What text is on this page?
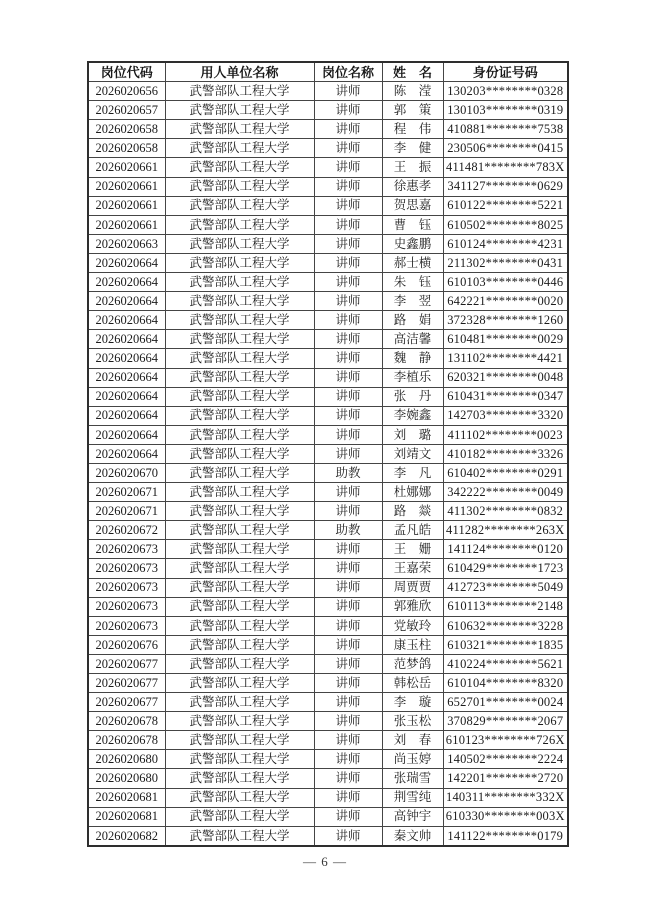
岗位代码	用人单位名称	岗位名称	姓　名	身份证号码
2026020656	武警部队工程大学	讲师	陈　滢	130203********0328
2026020657	武警部队工程大学	讲师	郭　策	130103********0319
2026020658	武警部队工程大学	讲师	程　伟	410881********7538
2026020658	武警部队工程大学	讲师	李　健	230506********0415
2026020661	武警部队工程大学	讲师	王　振	411481********783X
2026020661	武警部队工程大学	讲师	徐惠孝	341127********0629
2026020661	武警部队工程大学	讲师	贺思嘉	610122********5221
2026020661	武警部队工程大学	讲师	曹　钰	610502********8025
2026020663	武警部队工程大学	讲师	史鑫鹏	610124********4231
2026020664	武警部队工程大学	讲师	郝士横	211302********0431
2026020664	武警部队工程大学	讲师	朱　钰	610103********0446
2026020664	武警部队工程大学	讲师	李　翌	642221********0020
2026020664	武警部队工程大学	讲师	路　娟	372328********1260
2026020664	武警部队工程大学	讲师	高洁馨	610481********0029
2026020664	武警部队工程大学	讲师	魏　静	131102********4421
2026020664	武警部队工程大学	讲师	李植乐	620321********0048
2026020664	武警部队工程大学	讲师	张　丹	610431********0347
2026020664	武警部队工程大学	讲师	李婉鑫	142703********3320
2026020664	武警部队工程大学	讲师	刘　璐	411102********0023
2026020664	武警部队工程大学	讲师	刘靖文	410182********3326
2026020670	武警部队工程大学	助教	李　凡	610402********0291
2026020671	武警部队工程大学	讲师	杜娜娜	342222********0049
2026020671	武警部队工程大学	讲师	路　燚	411302********0832
2026020672	武警部队工程大学	助教	孟凡皓	411282********263X
2026020673	武警部队工程大学	讲师	王　姗	141124********0120
2026020673	武警部队工程大学	讲师	王嘉荣	610429********1723
2026020673	武警部队工程大学	讲师	周贾贾	412723********5049
2026020673	武警部队工程大学	讲师	郭雅欣	610113********2148
2026020673	武警部队工程大学	讲师	党敏玲	610632********3228
2026020676	武警部队工程大学	讲师	康玉柱	610321********1835
2026020677	武警部队工程大学	讲师	范梦鸽	410224********5621
2026020677	武警部队工程大学	讲师	韩松岳	610104********8320
2026020677	武警部队工程大学	讲师	李　璇	652701********0024
2026020678	武警部队工程大学	讲师	张玉松	370829********2067
2026020678	武警部队工程大学	讲师	刘　春	610123********726X
2026020680	武警部队工程大学	讲师	尚玉婷	140502********2224
2026020680	武警部队工程大学	讲师	张瑞雪	142201********2720
2026020681	武警部队工程大学	讲师	荆雪纯	140311********332X
2026020681	武警部队工程大学	讲师	高钟宇	610330********003X
2026020682	武警部队工程大学	讲师	秦文帅	141122********0179
— 6 —
